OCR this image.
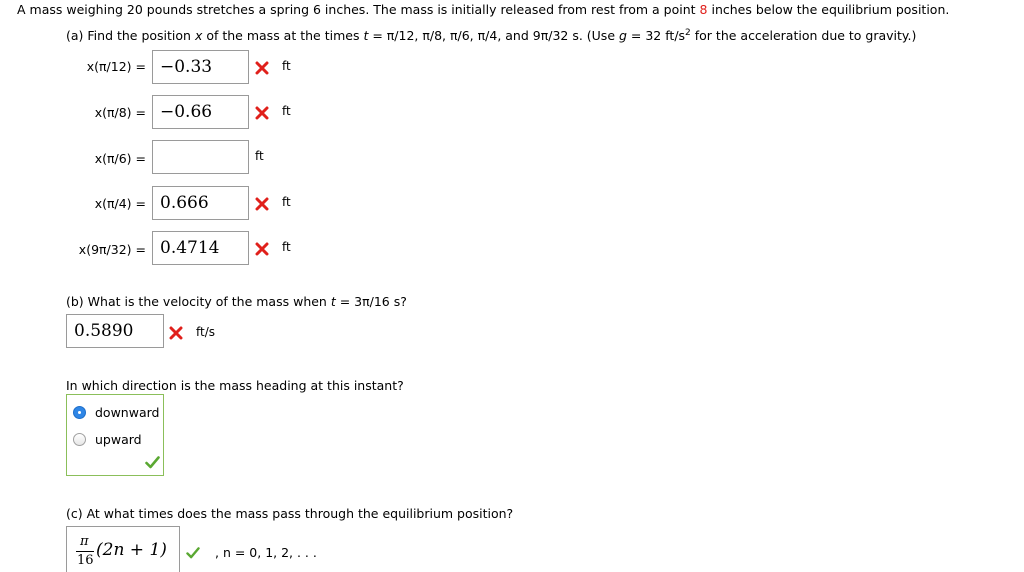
A mass weighing 20 pounds stretches a spring 6 inches. The mass is initially released from rest from a point 8 inches below the equilibrium position.
(a) Find the position x of the mass at the times t = π/12, π/8, π/6, π/4, and 9π/32 s. (Use g = 32 $ft/s^2$ for the acceleration due to gravity.)
x(π/12) = −0.33	ft
x(π/8) = −0.66	ft
x(π/6) =	ft
x(π/4) = 0.666	ft
x(9π/32) = 0.4714	ft
(b) What is the velocity of the mass when t = 3π/16 s?
0.5890	ft/s
In which direction is the mass heading at this instant?
downward
upward
(c) At what times does the mass pass through the equilibrium position?
π
16
(2n + 1)	, n = 0, 1, 2, . . .
